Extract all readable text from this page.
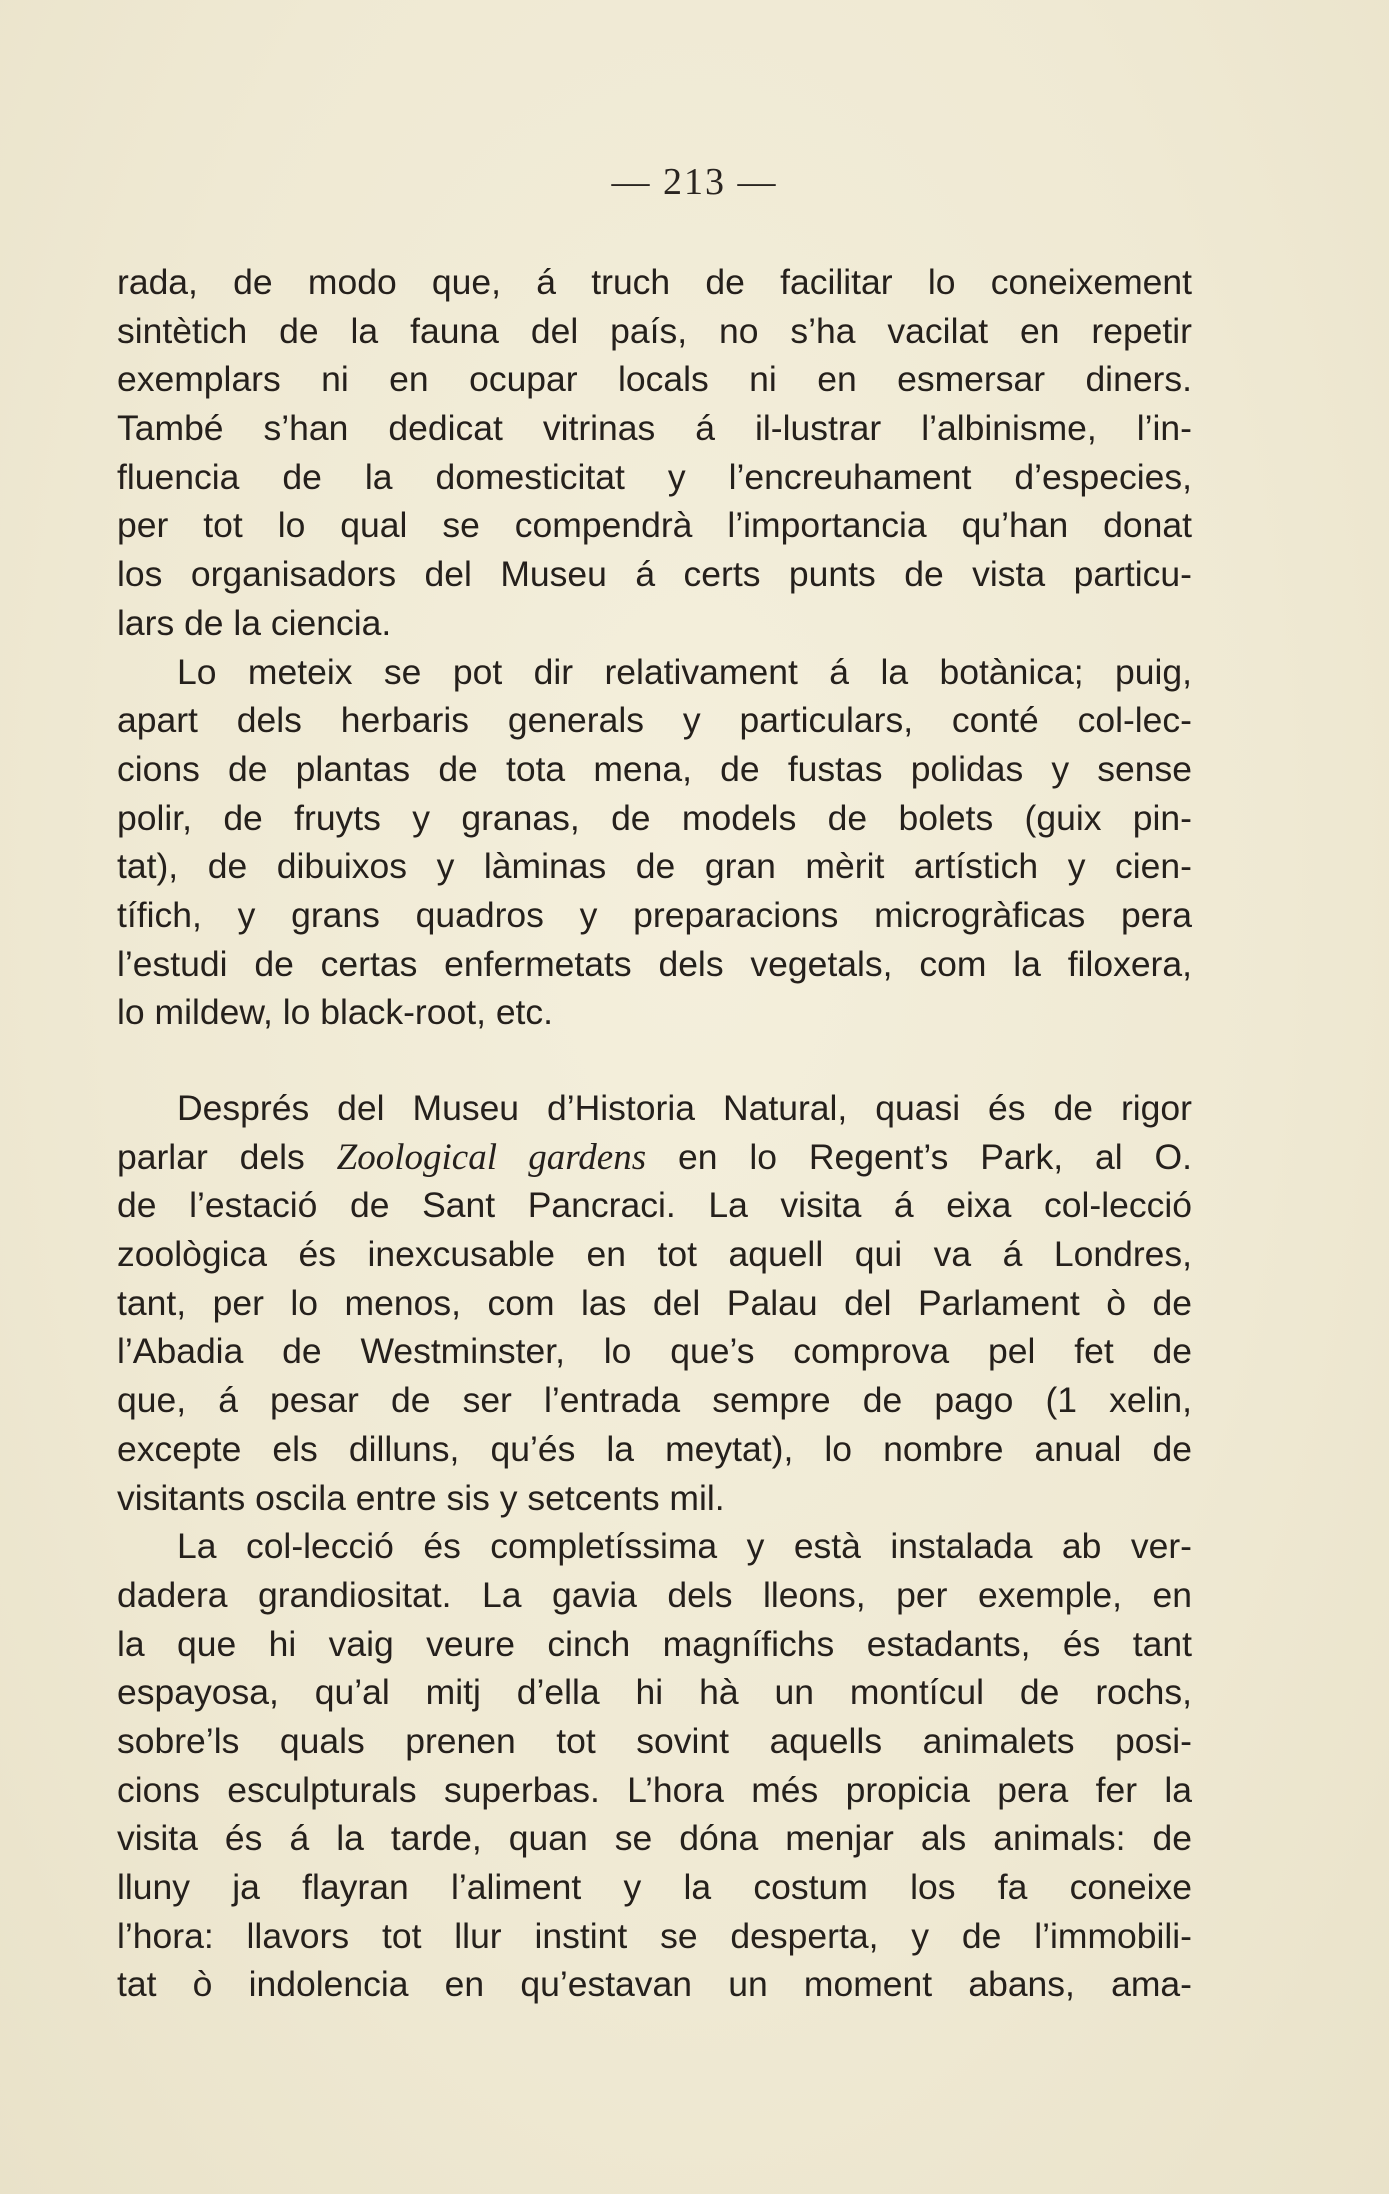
— 213 —
rada, de modo que, á truch de facilitar lo coneixement
sintètich de la fauna del país, no s’ha vacilat en repetir
exemplars ni en ocupar locals ni en esmersar diners.
També s’han dedicat vitrinas á il-lustrar l’albinisme, l’in-
fluencia de la domesticitat y l’encreuhament d’especies,
per tot lo qual se compendrà l’importancia qu’han donat
los organisadors del Museu á certs punts de vista particu-
lars de la ciencia.
Lo meteix se pot dir relativament á la botànica; puig,
apart dels herbaris generals y particulars, conté col-lec-
cions de plantas de tota mena, de fustas polidas y sense
polir, de fruyts y granas, de models de bolets (guix pin-
tat), de dibuixos y làminas de gran mèrit artístich y cien-
tífich, y grans quadros y preparacions microgràficas pera
l’estudi de certas enfermetats dels vegetals, com la filoxera,
lo mildew, lo black-root, etc.
Després del Museu d’Historia Natural, quasi és de rigor
parlar dels Zoological gardens en lo Regent’s Park, al O.
de l’estació de Sant Pancraci. La visita á eixa col-lecció
zoològica és inexcusable en tot aquell qui va á Londres,
tant, per lo menos, com las del Palau del Parlament ò de
l’Abadia de Westminster, lo que’s comprova pel fet de
que, á pesar de ser l’entrada sempre de pago (1 xelin,
excepte els dilluns, qu’és la meytat), lo nombre anual de
visitants oscila entre sis y setcents mil.
La col-lecció és completíssima y està instalada ab ver-
dadera grandiositat. La gavia dels lleons, per exemple, en
la que hi vaig veure cinch magnífichs estadants, és tant
espayosa, qu’al mitj d’ella hi hà un montícul de rochs,
sobre’ls quals prenen tot sovint aquells animalets posi-
cions esculpturals superbas. L’hora més propicia pera fer la
visita és á la tarde, quan se dóna menjar als animals: de
lluny ja flayran l’aliment y la costum los fa coneixe
l’hora: llavors tot llur instint se desperta, y de l’immobili-
tat ò indolencia en qu’estavan un moment abans, ama-
